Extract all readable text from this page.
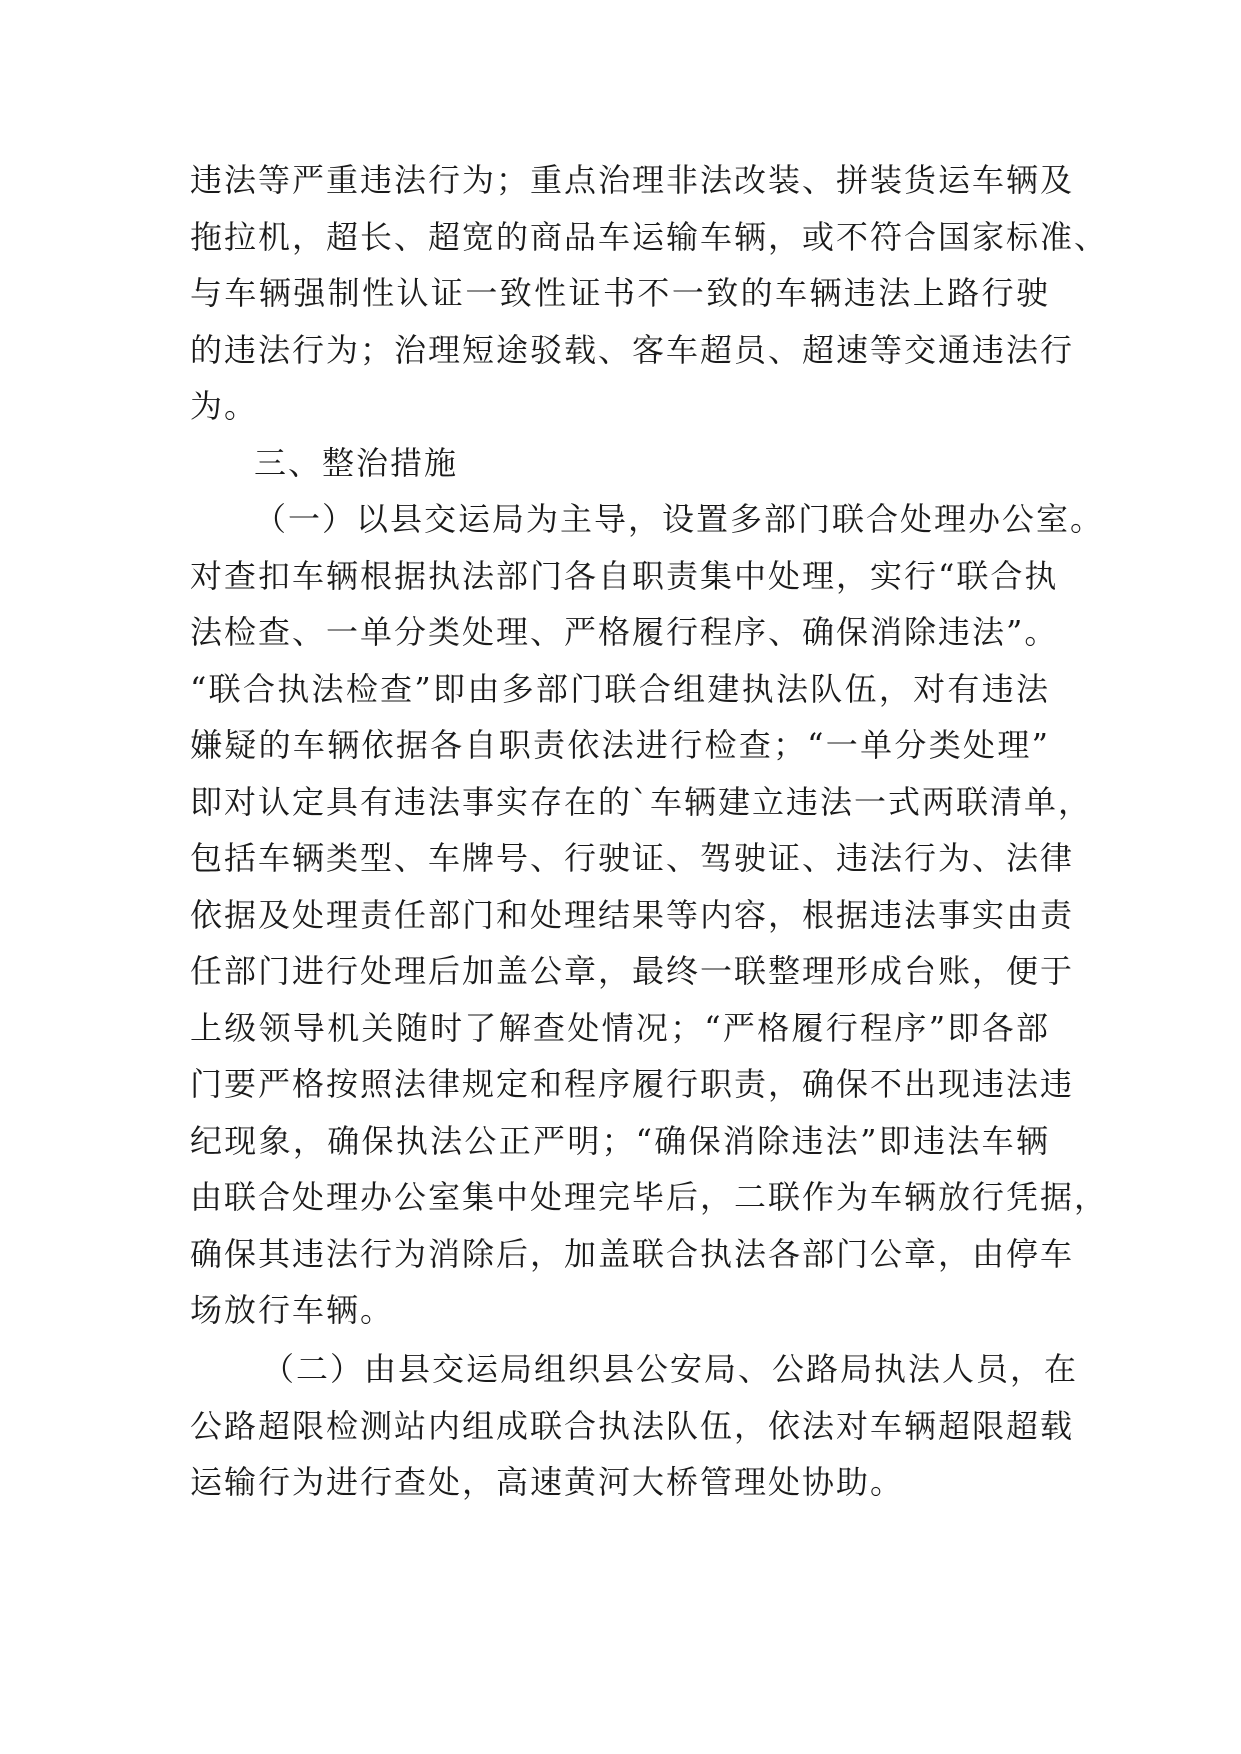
违法等严重违法行为；重点治理非法改装、拼装货运车辆及
拖拉机，超长、超宽的商品车运输车辆，或不符合国家标准、
与车辆强制性认证一致性证书不一致的车辆违法上路行驶
的违法行为；治理短途驳载、客车超员、超速等交通违法行
为。
三、整治措施
（一）以县交运局为主导，设置多部门联合处理办公室。
对查扣车辆根据执法部门各自职责集中处理，实行“联合执
法检查、一单分类处理、严格履行程序、确保消除违法”。
“联合执法检查”即由多部门联合组建执法队伍，对有违法
嫌疑的车辆依据各自职责依法进行检查；“一单分类处理”
即对认定具有违法事实存在的`车辆建立违法一式两联清单，
包括车辆类型、车牌号、行驶证、驾驶证、违法行为、法律
依据及处理责任部门和处理结果等内容，根据违法事实由责
任部门进行处理后加盖公章，最终一联整理形成台账，便于
上级领导机关随时了解查处情况；“严格履行程序”即各部
门要严格按照法律规定和程序履行职责，确保不出现违法违
纪现象，确保执法公正严明；“确保消除违法”即违法车辆
由联合处理办公室集中处理完毕后，二联作为车辆放行凭据，
确保其违法行为消除后，加盖联合执法各部门公章，由停车
场放行车辆。
（二）由县交运局组织县公安局、公路局执法人员，在
公路超限检测站内组成联合执法队伍，依法对车辆超限超载
运输行为进行查处，高速黄河大桥管理处协助。
